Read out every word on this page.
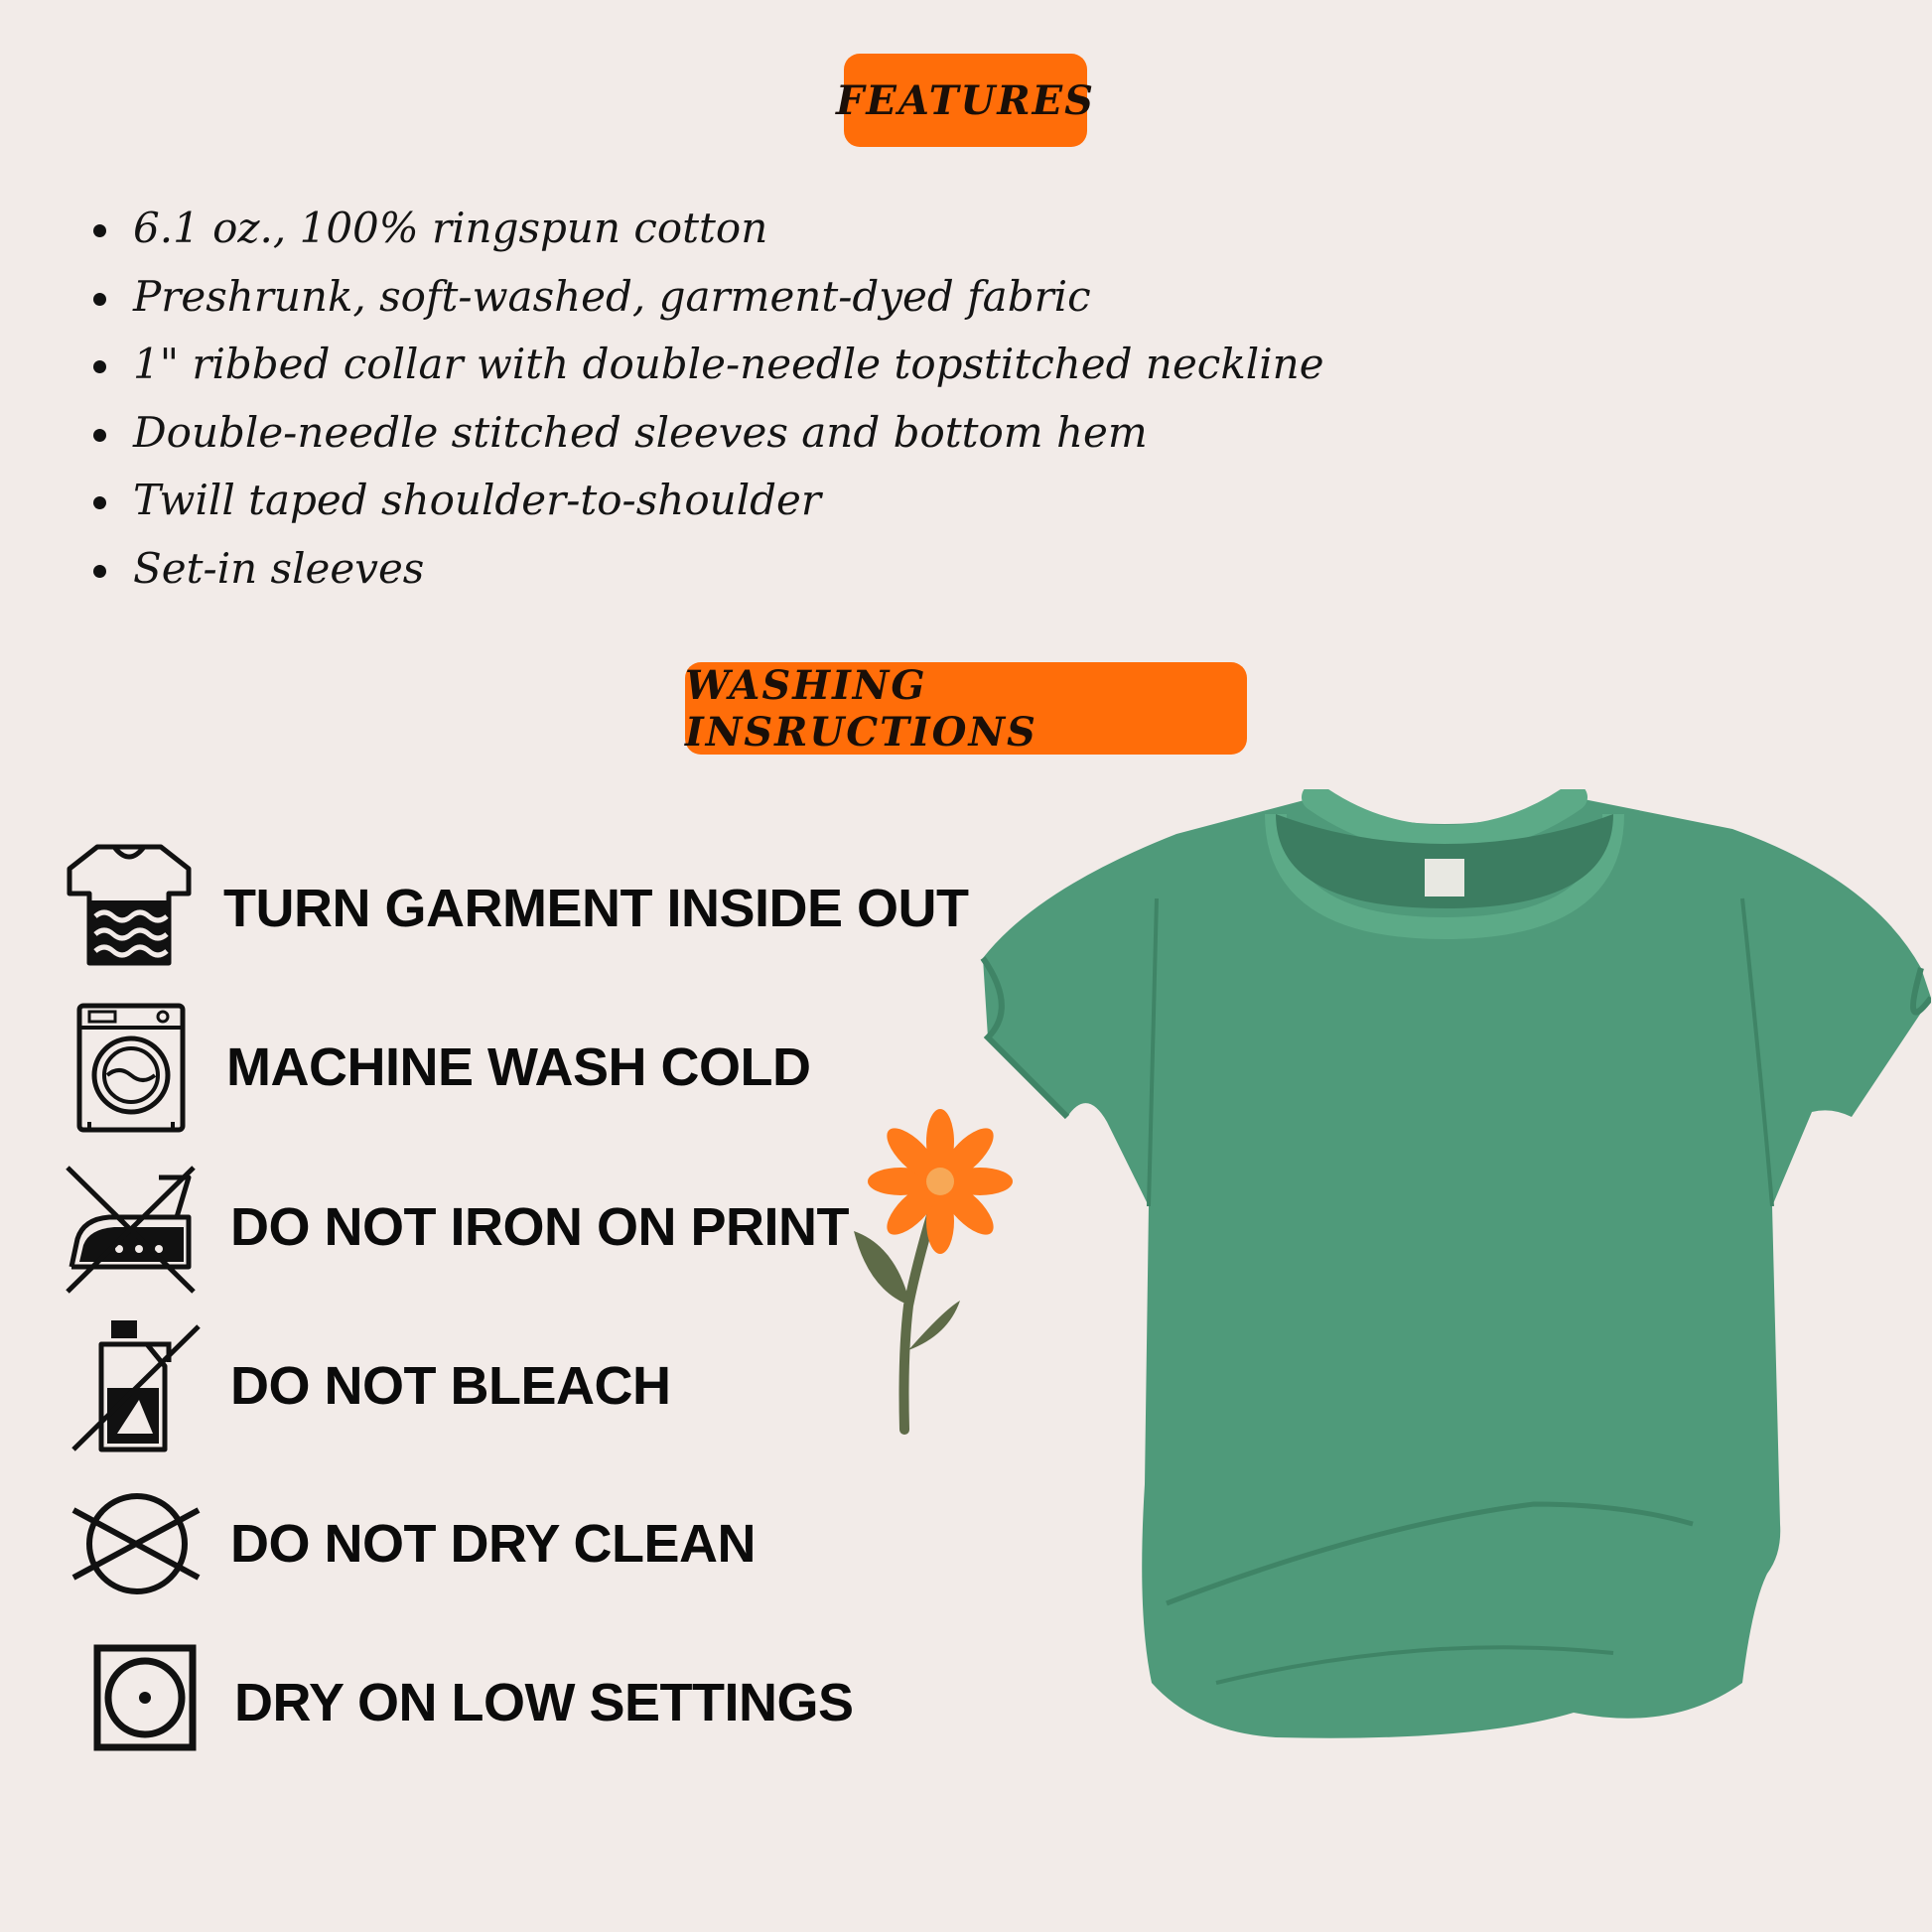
FEATURES
6.1 oz., 100% ringspun cotton
Preshrunk, soft-washed, garment-dyed fabric
1" ribbed collar with double-needle topstitched neckline
Double-needle stitched sleeves and bottom hem
Twill taped shoulder-to-shoulder
Set-in sleeves
WASHING INSRUCTIONS
TURN GARMENT INSIDE OUT
MACHINE WASH COLD
DO NOT IRON ON PRINT
DO NOT BLEACH
DO NOT DRY CLEAN
DRY ON LOW SETTINGS
